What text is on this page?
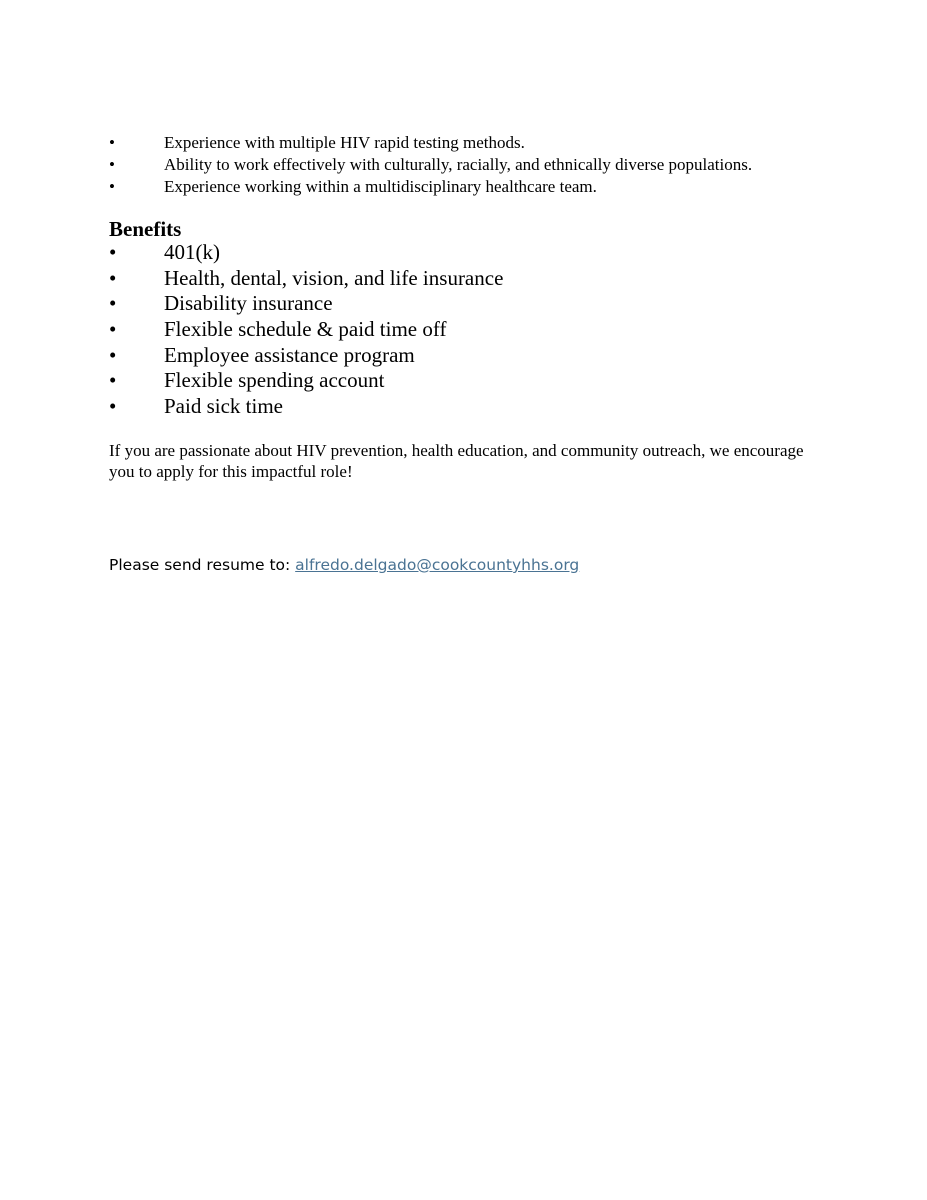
•	Experience with multiple HIV rapid testing methods.
•	Ability to work effectively with culturally, racially, and ethnically diverse populations.
•	Experience working within a multidisciplinary healthcare team.
Benefits
• 401(k)
• Health, dental, vision, and life insurance
• Disability insurance
• Flexible schedule & paid time off
• Employee assistance program
• Flexible spending account
• Paid sick time

If you are passionate about HIV prevention, health education, and community outreach, we encourage you to apply for this impactful role!

Please send resume to: alfredo.delgado@cookcountyhhs.org
